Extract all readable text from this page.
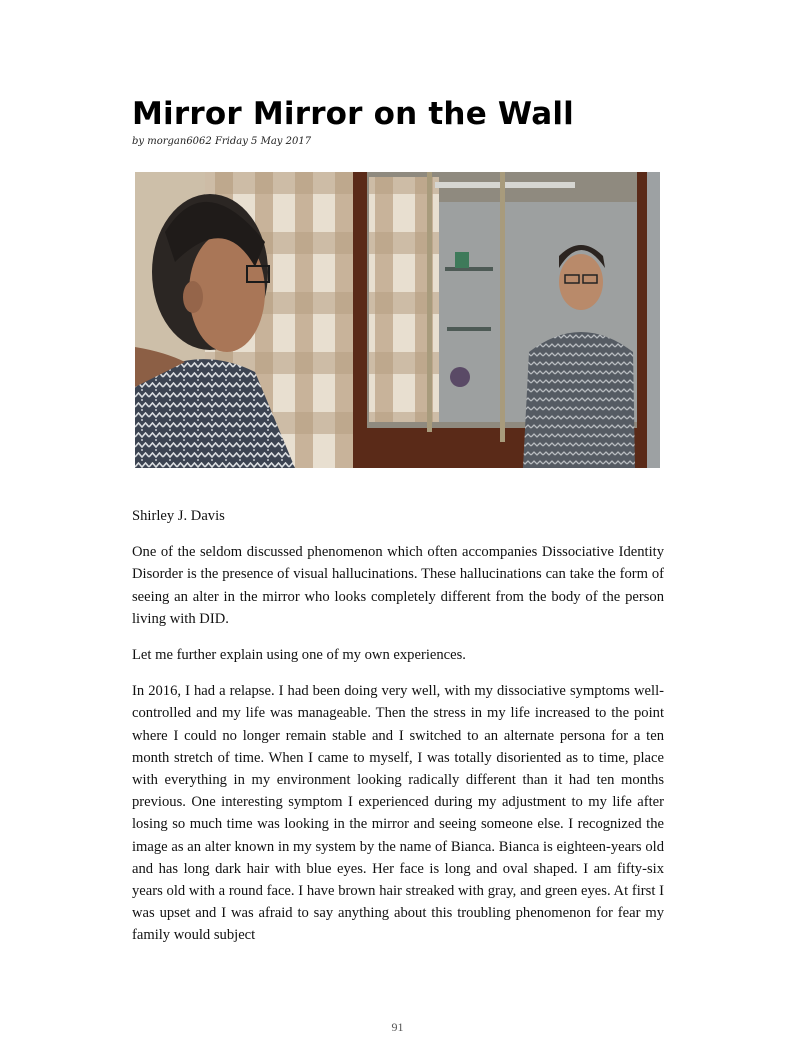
Mirror Mirror on the Wall
by morgan6062 Friday 5 May 2017

Shirley J. Davis

One of the seldom discussed phenomenon which often accompanies Dissociative Identity Disorder is the presence of visual hallucinations. These hallucinations can take the form of seeing an alter in the mirror who looks completely different from the body of the person living with DID.

Let me further explain using one of my own experiences.

In 2016, I had a relapse. I had been doing very well, with my dissociative symptoms well-controlled and my life was manageable. Then the stress in my life increased to the point where I could no longer remain stable and I switched to an alternate persona for a ten month stretch of time. When I came to myself, I was totally disoriented as to time, place with everything in my environment looking radically different than it had ten months previous. One interesting symptom I experienced during my adjustment to my life after losing so much time was looking in the mirror and seeing someone else. I recognized the image as an alter known in my system by the name of Bianca. Bianca is eighteen-years old and has long dark hair with blue eyes. Her face is long and oval shaped. I am fifty-six years old with a round face. I have brown hair streaked with gray, and green eyes. At first I was upset and I was afraid to say anything about this troubling phenomenon for fear my family would subject

91
